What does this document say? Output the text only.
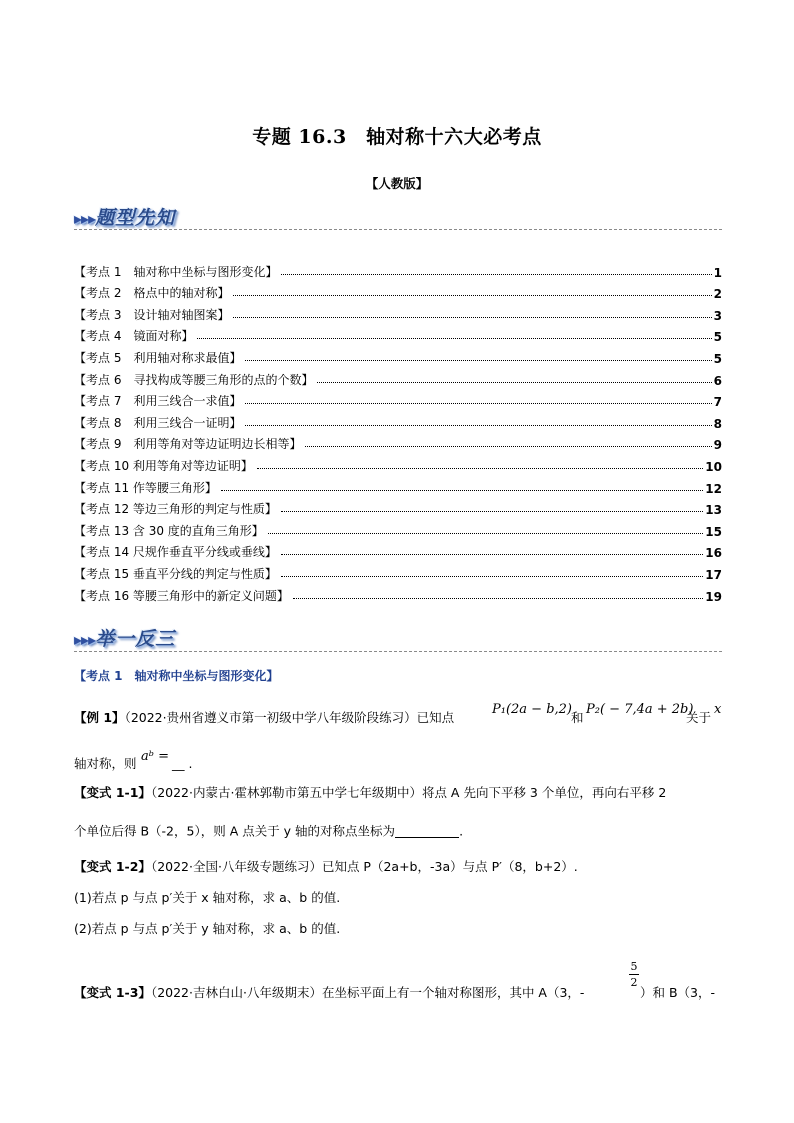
专题 16.3　轴对称十六大必考点
【人教版】
▸▸▸题型先知
【考点 1　轴对称中坐标与图形变化】	1
【考点 2　格点中的轴对称】	2
【考点 3　设计轴对轴图案】	3
【考点 4　镜面对称】	5
【考点 5　利用轴对称求最值】	5
【考点 6　寻找构成等腰三角形的点的个数】	6
【考点 7　利用三线合一求值】	7
【考点 8　利用三线合一证明】	8
【考点 9　利用等角对等边证明边长相等】	9
【考点 10 利用等角对等边证明】	10
【考点 11 作等腰三角形】	12
【考点 12 等边三角形的判定与性质】	13
【考点 13 含 30 度的直角三角形】	15
【考点 14 尺规作垂直平分线或垂线】	16
【考点 15 垂直平分线的判定与性质】	17
【考点 16 等腰三角形中的新定义问题】	19
▸▸▸举一反三
【考点 1　轴对称中坐标与图形变化】
【例 1】（2022·贵州省遵义市第一初级中学八年级阶段练习）已知点
P₁(2a − b,2)
和
P₂( − 7,4a + 2b)
关于
x
轴对称，则 aᵇ = __ .
【变式 1-1】（2022·内蒙古·霍林郭勒市第五中学七年级期中）将点 A 先向下平移 3 个单位，再向右平移 2
个单位后得 B（-2，5），则 A 点关于 y 轴的对称点坐标为	.
【变式 1-2】（2022·全国·八年级专题练习）已知点 P（2a+b，-3a）与点 P′（8，b+2）.
(1)若点 p 与点 p′关于 x 轴对称，求 a、b 的值.
(2)若点 p 与点 p′关于 y 轴对称，求 a、b 的值.
【变式 1-3】（2022·吉林白山·八年级期末）在坐标平面上有一个轴对称图形，其中 A（3，-
5
2
）和 B（3，-
